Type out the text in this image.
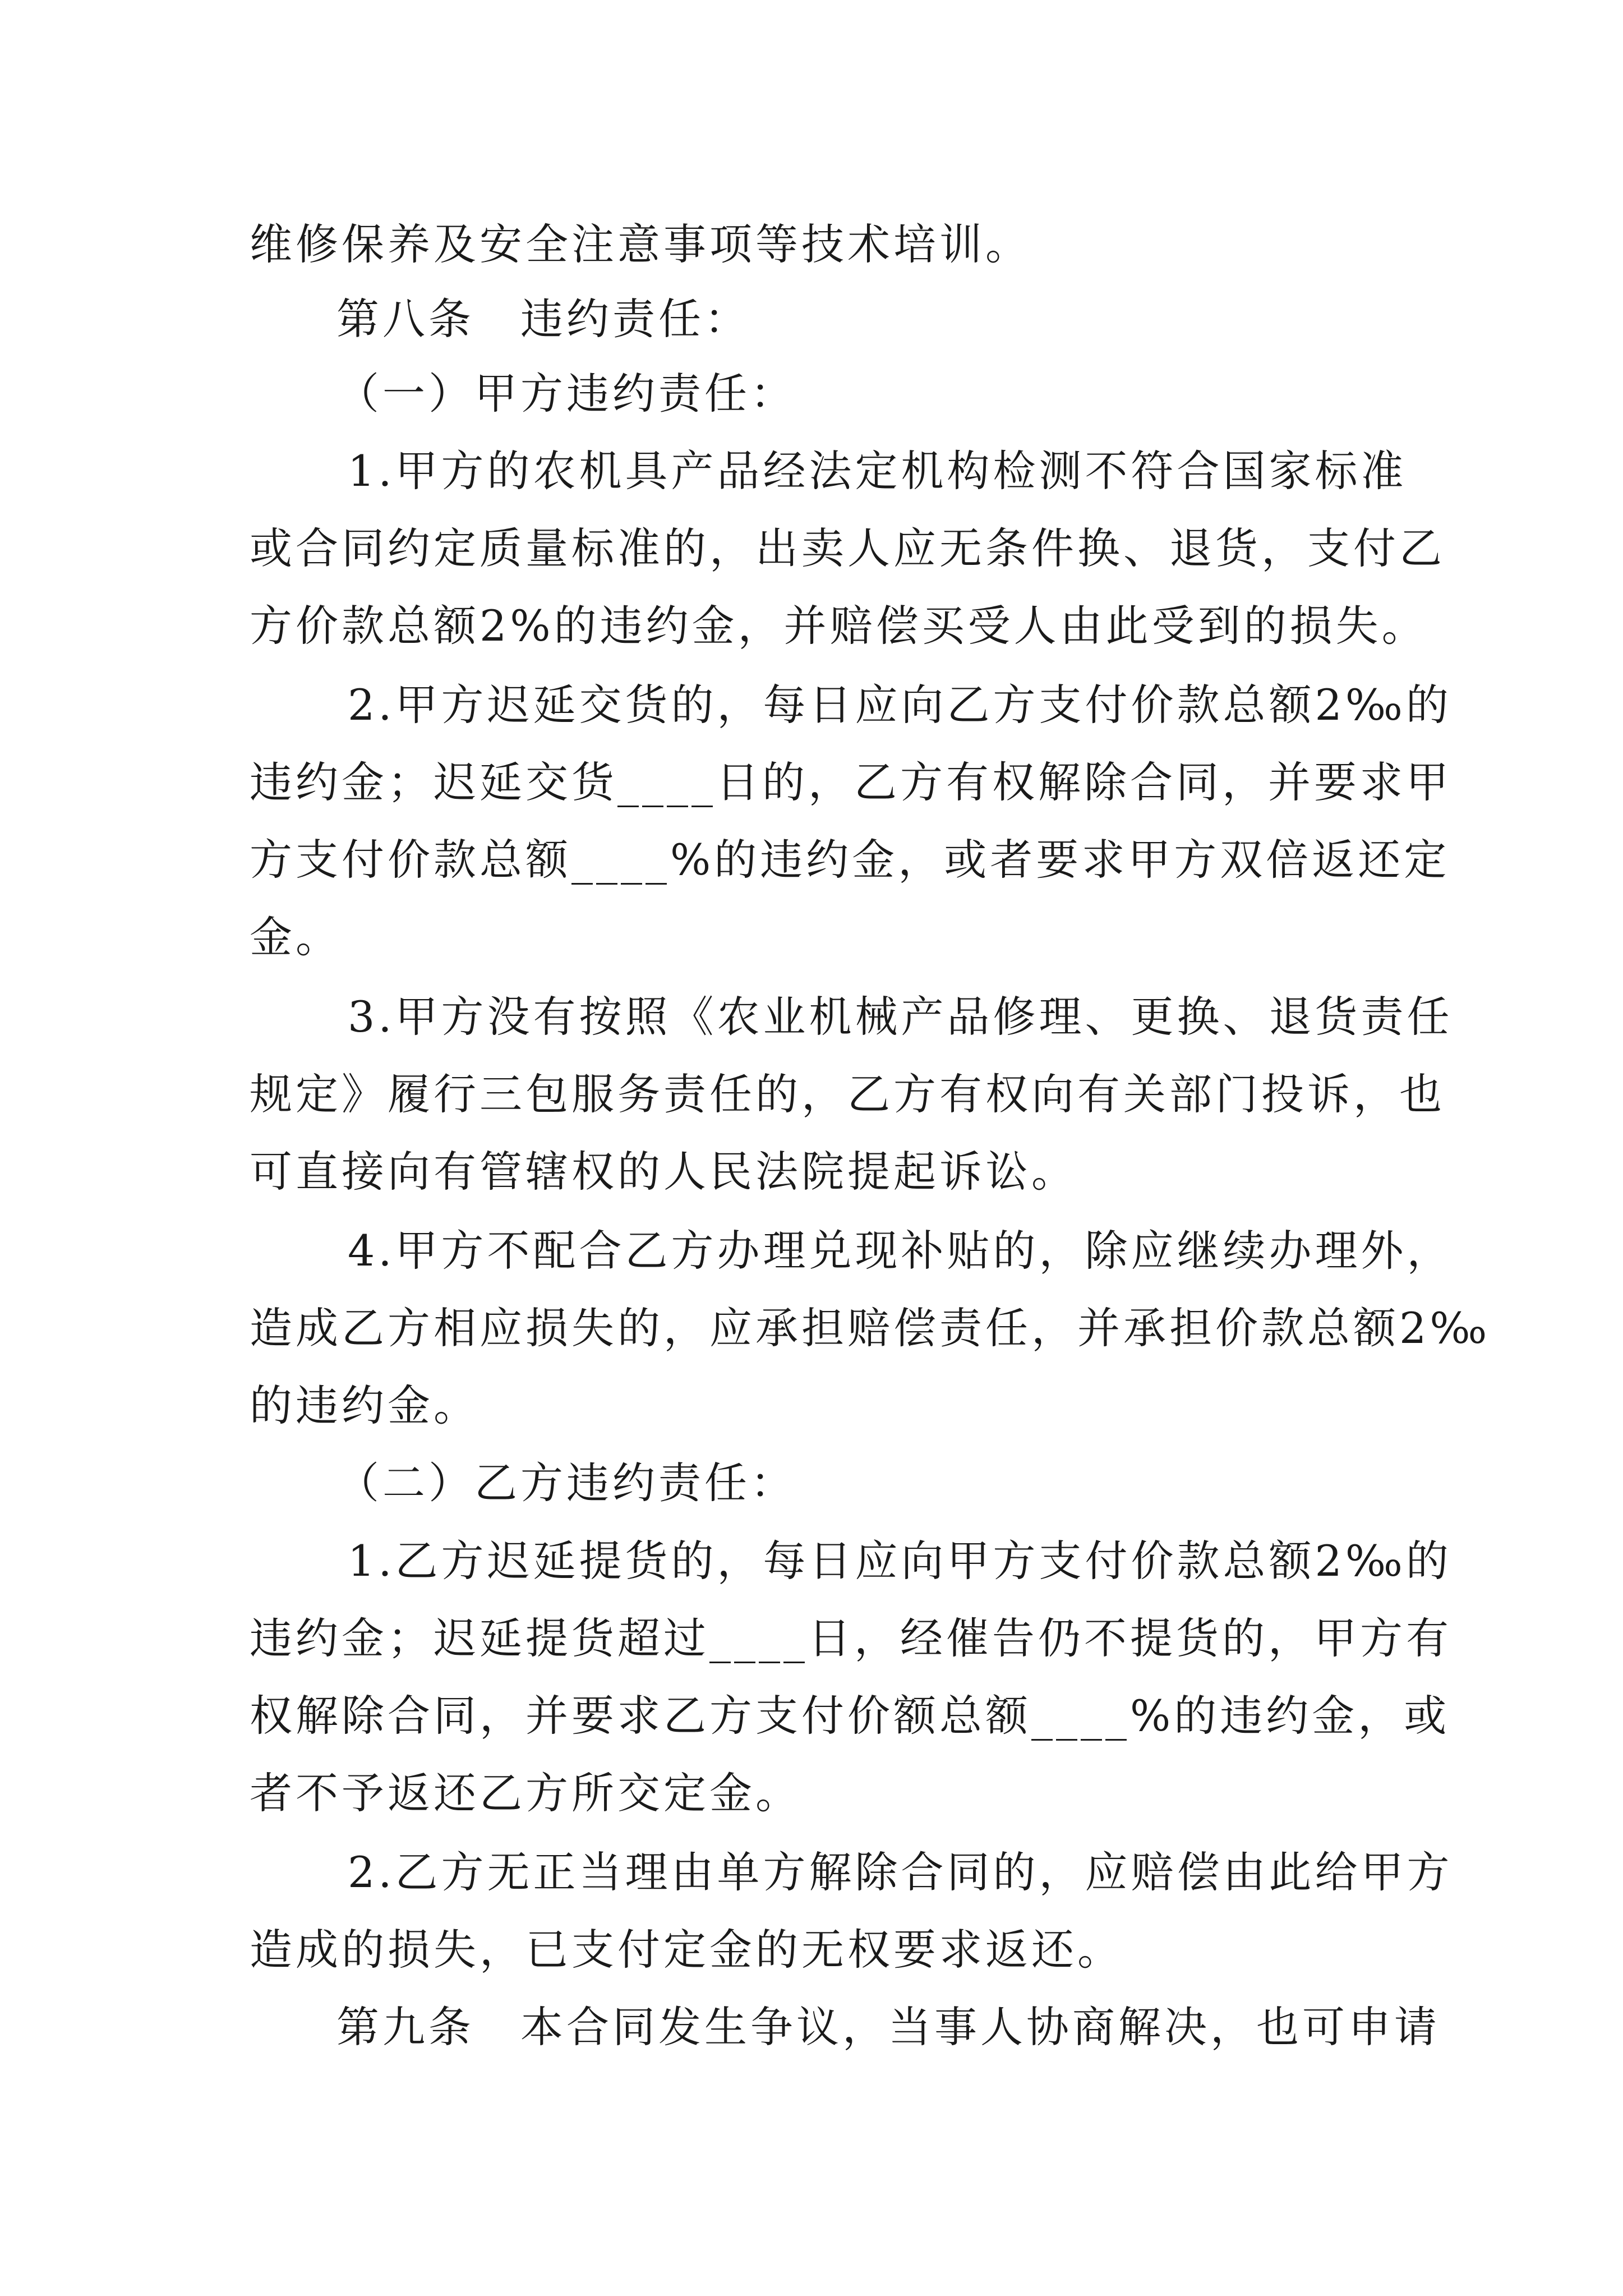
维修保养及安全注意事项等技术培训。
第八条　违约责任：
（一）甲方违约责任：
1.甲方的农机具产品经法定机构检测不符合国家标准
或合同约定质量标准的，出卖人应无条件换、退货，支付乙
方价款总额2%的违约金，并赔偿买受人由此受到的损失。
2.甲方迟延交货的，每日应向乙方支付价款总额2‰的
违约金；迟延交货____日的，乙方有权解除合同，并要求甲
方支付价款总额____%的违约金，或者要求甲方双倍返还定
金。
3.甲方没有按照《农业机械产品修理、更换、退货责任
规定》履行三包服务责任的，乙方有权向有关部门投诉，也
可直接向有管辖权的人民法院提起诉讼。
4.甲方不配合乙方办理兑现补贴的，除应继续办理外，
造成乙方相应损失的，应承担赔偿责任，并承担价款总额2‰
的违约金。
（二）乙方违约责任：
1.乙方迟延提货的，每日应向甲方支付价款总额2‰的
违约金；迟延提货超过____日，经催告仍不提货的，甲方有
权解除合同，并要求乙方支付价额总额____%的违约金，或
者不予返还乙方所交定金。
2.乙方无正当理由单方解除合同的，应赔偿由此给甲方
造成的损失，已支付定金的无权要求返还。
第九条　本合同发生争议，当事人协商解决，也可申请
